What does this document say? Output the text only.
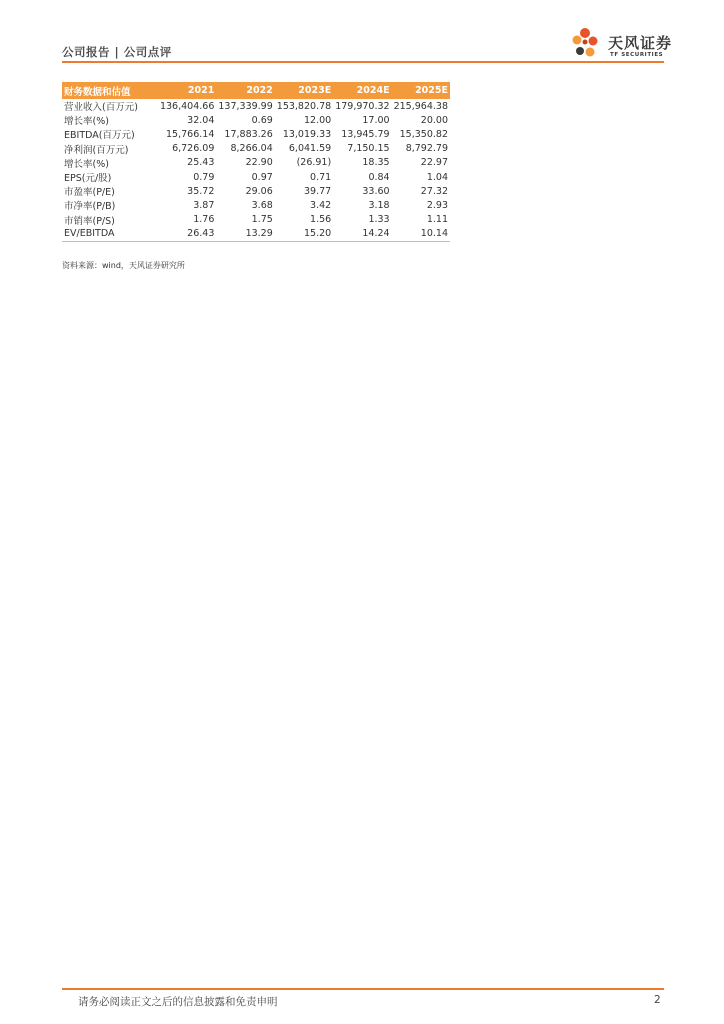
公司报告 | 公司点评	天风证券
TF SECURITIES
财务数据和估值	2021	2022	2023E	2024E	2025E
营业收入(百万元)	136,404.66	137,339.99	153,820.78	179,970.32	215,964.38
增长率(%)	32.04	0.69	12.00	17.00	20.00
EBITDA(百万元)	15,766.14	17,883.26	13,019.33	13,945.79	15,350.82
净利润(百万元)	6,726.09	8,266.04	6,041.59	7,150.15	8,792.79
增长率(%)	25.43	22.90	(26.91)	18.35	22.97
EPS(元/股)	0.79	0.97	0.71	0.84	1.04
市盈率(P/E)	35.72	29.06	39.77	33.60	27.32
市净率(P/B)	3.87	3.68	3.42	3.18	2.93
市销率(P/S)	1.76	1.75	1.56	1.33	1.11
EV/EBITDA	26.43	13.29	15.20	14.24	10.14
资料来源：wind，天风证券研究所
请务必阅读正文之后的信息披露和免责申明	2
